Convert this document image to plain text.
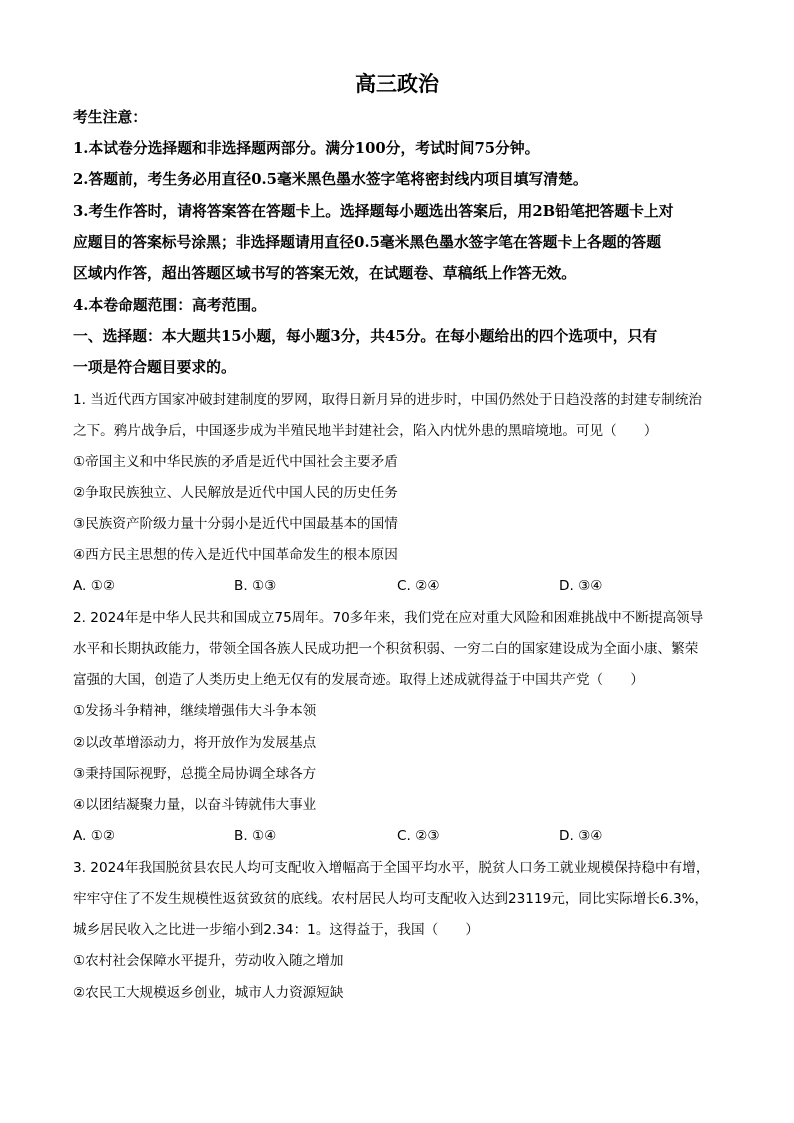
高三政治
考生注意：
1.本试卷分选择题和非选择题两部分。满分100分，考试时间75分钟。
2.答题前，考生务必用直径0.5毫米黑色墨水签字笔将密封线内项目填写清楚。
3.考生作答时，请将答案答在答题卡上。选择题每小题选出答案后，用2B铅笔把答题卡上对
应题目的答案标号涂黑；非选择题请用直径0.5毫米黑色墨水签字笔在答题卡上各题的答题
区域内作答，超出答题区域书写的答案无效，在试题卷、草稿纸上作答无效。
4.本卷命题范围：高考范围。
一、选择题：本大题共15小题，每小题3分，共45分。在每小题给出的四个选项中，只有
一项是符合题目要求的。
1. 当近代西方国家冲破封建制度的罗网，取得日新月异的进步时，中国仍然处于日趋没落的封建专制统治
之下。鸦片战争后，中国逐步成为半殖民地半封建社会，陷入内忧外患的黑暗境地。可见（　　）
①帝国主义和中华民族的矛盾是近代中国社会主要矛盾
②争取民族独立、人民解放是近代中国人民的历史任务
③民族资产阶级力量十分弱小是近代中国最基本的国情
④西方民主思想的传入是近代中国革命发生的根本原因
A. ①②	B. ①③	C. ②④	D. ③④
2. 2024年是中华人民共和国成立75周年。70多年来，我们党在应对重大风险和困难挑战中不断提高领导
水平和长期执政能力，带领全国各族人民成功把一个积贫积弱、一穷二白的国家建设成为全面小康、繁荣
富强的大国，创造了人类历史上绝无仅有的发展奇迹。取得上述成就得益于中国共产党（　　）
①发扬斗争精神，继续增强伟大斗争本领
②以改革增添动力，将开放作为发展基点
③秉持国际视野，总揽全局协调全球各方
④以团结凝聚力量，以奋斗铸就伟大事业
A. ①②	B. ①④	C. ②③	D. ③④
3. 2024年我国脱贫县农民人均可支配收入增幅高于全国平均水平，脱贫人口务工就业规模保持稳中有增，
牢牢守住了不发生规模性返贫致贫的底线。农村居民人均可支配收入达到23119元，同比实际增长6.3%，
城乡居民收入之比进一步缩小到2.34：1。这得益于，我国（　　）
①农村社会保障水平提升，劳动收入随之增加
②农民工大规模返乡创业，城市人力资源短缺
